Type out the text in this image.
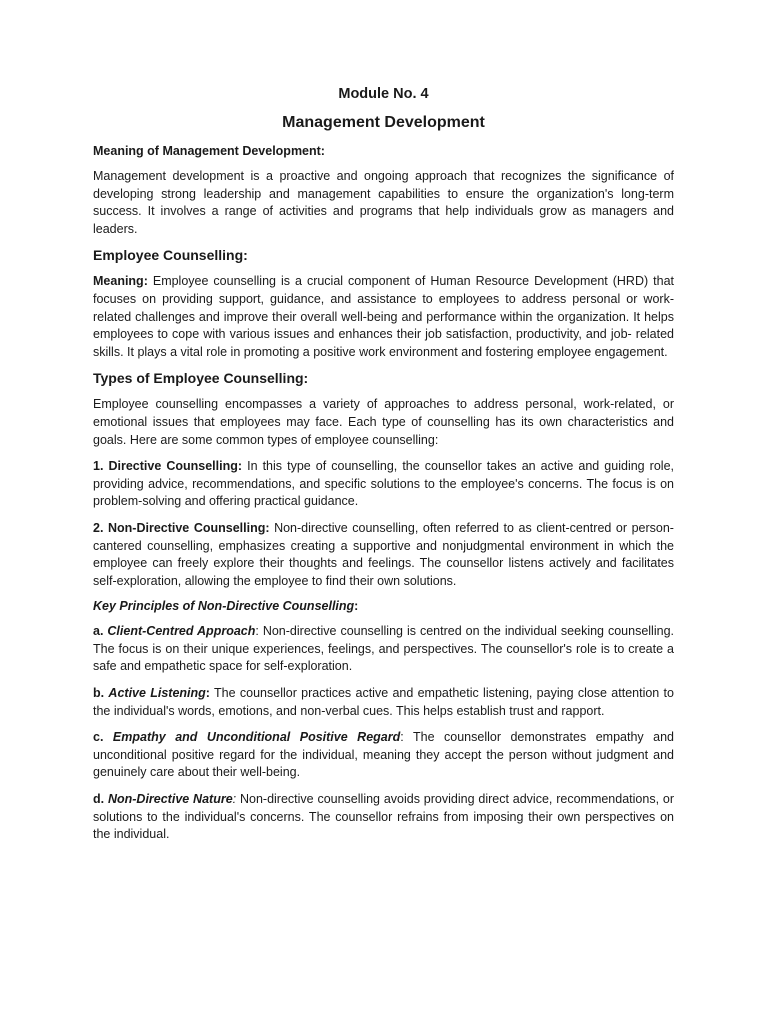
Module No. 4
Management Development
Meaning of Management Development:

Management development is a proactive and ongoing approach that recognizes the significance of developing strong leadership and management capabilities to ensure the organization's long-term success. It involves a range of activities and programs that help individuals grow as managers and leaders.

Employee Counselling:

Meaning: Employee counselling is a crucial component of Human Resource Development (HRD) that focuses on providing support, guidance, and assistance to employees to address personal or work-related challenges and improve their overall well-being and performance within the organization. It helps employees to cope with various issues and enhances their job satisfaction, productivity, and job- related skills. It plays a vital role in promoting a positive work environment and fostering employee engagement.

Types of Employee Counselling:

Employee counselling encompasses a variety of approaches to address personal, work-related, or emotional issues that employees may face. Each type of counselling has its own characteristics and goals. Here are some common types of employee counselling:

1. Directive Counselling: In this type of counselling, the counsellor takes an active and guiding role, providing advice, recommendations, and specific solutions to the employee's concerns. The focus is on problem-solving and offering practical guidance.

2. Non-Directive Counselling: Non-directive counselling, often referred to as client-centred or person- cantered counselling, emphasizes creating a supportive and nonjudgmental environment in which the employee can freely explore their thoughts and feelings. The counsellor listens actively and facilitates self-exploration, allowing the employee to find their own solutions.

Key Principles of Non-Directive Counselling:

a. Client-Centred Approach: Non-directive counselling is centred on the individual seeking counselling. The focus is on their unique experiences, feelings, and perspectives. The counsellor's role is to create a safe and empathetic space for self-exploration.

b. Active Listening: The counsellor practices active and empathetic listening, paying close attention to the individual's words, emotions, and non-verbal cues. This helps establish trust and rapport.

c. Empathy and Unconditional Positive Regard: The counsellor demonstrates empathy and unconditional positive regard for the individual, meaning they accept the person without judgment and genuinely care about their well-being.

d. Non-Directive Nature: Non-directive counselling avoids providing direct advice, recommendations, or solutions to the individual's concerns. The counsellor refrains from imposing their own perspectives on the individual.
